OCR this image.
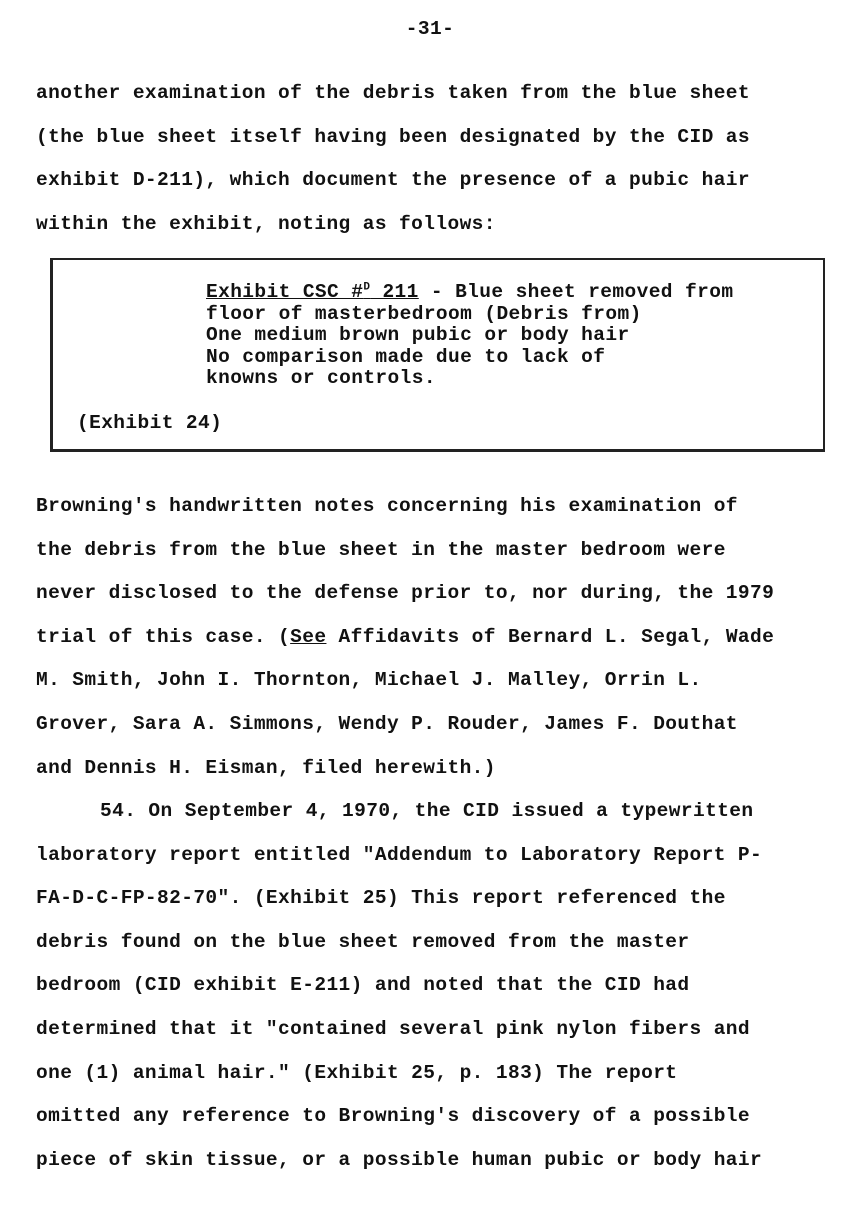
-31-
another examination of the debris taken from the blue sheet
(the blue sheet itself having been designated by the CID as
exhibit D-211), which document the presence of a pubic hair
within the exhibit, noting as follows:
Exhibit CSC #$^D$ 211 - Blue sheet removed from
floor of masterbedroom (Debris from)
One medium brown pubic or body hair
No comparison made due to lack of
knowns or controls.
(Exhibit 24)
Browning's handwritten notes concerning his examination of
the debris from the blue sheet in the master bedroom were
never disclosed to the defense prior to, nor during, the 1979
trial of this case. (See Affidavits of Bernard L. Segal, Wade
M. Smith, John I. Thornton, Michael J. Malley, Orrin L.
Grover, Sara A. Simmons, Wendy P. Rouder, James F. Douthat
and Dennis H. Eisman, filed herewith.)
54. On September 4, 1970, the CID issued a typewritten
laboratory report entitled "Addendum to Laboratory Report P-
FA-D-C-FP-82-70". (Exhibit 25) This report referenced the
debris found on the blue sheet removed from the master
bedroom (CID exhibit E-211) and noted that the CID had
determined that it "contained several pink nylon fibers and
one (1) animal hair." (Exhibit 25, p. 183) The report
omitted any reference to Browning's discovery of a possible
piece of skin tissue, or a possible human pubic or body hair
